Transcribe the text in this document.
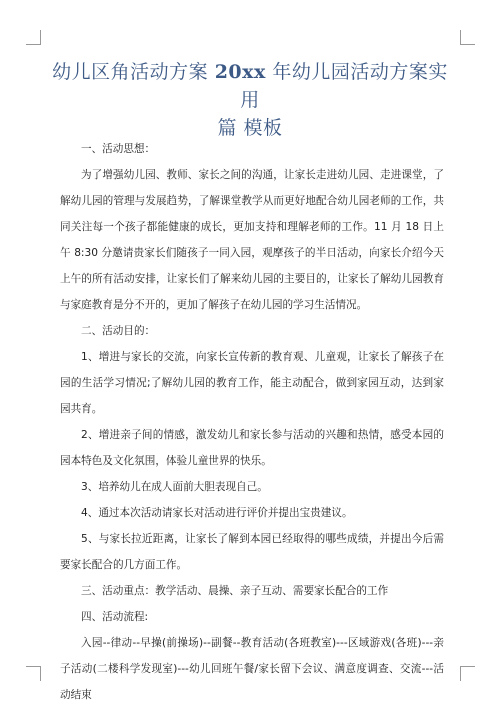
幼儿区角活动方案 20xx 年幼儿园活动方案实用
篇 模板

一、活动思想：

为了增强幼儿园、教师、家长之间的沟通，让家长走进幼儿园、走进课堂，了解幼儿园的管理与发展趋势，了解课堂教学从而更好地配合幼儿园老师的工作，共同关注每一个孩子都能健康的成长，更加支持和理解老师的工作。11 月 18 日上午 8:30 分邀请贵家长们随孩子一同入园，观摩孩子的半日活动，向家长介绍今天上午的所有活动安排，让家长们了解来幼儿园的主要目的，让家长了解幼儿园教育与家庭教育是分不开的，更加了解孩子在幼儿园的学习生活情况。

二、活动目的：

1、增进与家长的交流，向家长宣传新的教育观、儿童观，让家长了解孩子在园的生活学习情况;了解幼儿园的教育工作，能主动配合，做到家园互动，达到家园共育。

2、增进亲子间的情感，激发幼儿和家长参与活动的兴趣和热情，感受本园的园本特色及文化氛围，体验儿童世界的快乐。

3、培养幼儿在成人面前大胆表现自己。

4、通过本次活动请家长对活动进行评价并提出宝贵建议。

5、与家长拉近距离，让家长了解到本园已经取得的哪些成绩，并提出今后需要家长配合的几方面工作。

三、活动重点：教学活动、晨操、亲子互动、需要家长配合的工作

四、活动流程:

入园--律动--早操(前操场)--副餐--教育活动(各班教室)---区域游戏(各班)---亲子活动(二楼科学发现室)---幼儿回班午餐/家长留下会议、满意度调查、交流---活动结束
